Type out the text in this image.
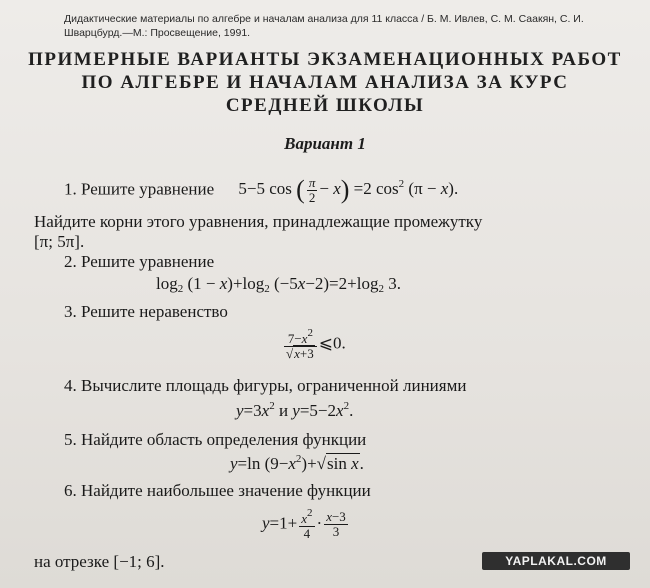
Дидактические материалы по алгебре и началам анализа для 11 класса / Б. М. Ивлев, С. М. Саакян, С. И. Шварцбурд.—М.: Просвещение, 1991.
ПРИМЕРНЫЕ ВАРИАНТЫ ЭКЗАМЕНАЦИОННЫХ РАБОТ
ПО АЛГЕБРЕ И НАЧАЛАМ АНАЛИЗА ЗА КУРС
СРЕДНЕЙ ШКОЛЫ
Вариант 1
1. Решите уравнение 5−5 cos ( $\frac{\pi}{2} - x) =2$ $\cos^2 (\pi - x)$.
Найдите корни этого уравнения, принадлежащие промежутку
[π; 5π].
2. Решите уравнение
$\log_2 (1 - x)+\log_2$ $(-5x-2)=2+\log_2$ 3.
3. Решите неравенство
$\frac{7-x^2}{√x+3}$ ⩽0.
4. Вычислите площадь фигуры, ограниченной линиями
$y=3x^2$ и $y=5-2x^2$.
5. Найдите область определения функции
y=ln $(9-x^2)+√\sin$ x.
6. Найдите наибольшее значение функции
$y=1+ \frac{x^2}{4} \cdot \frac{x-3}{3}$
на отрезке [−1; 6].	YAPLAKAL.COM
